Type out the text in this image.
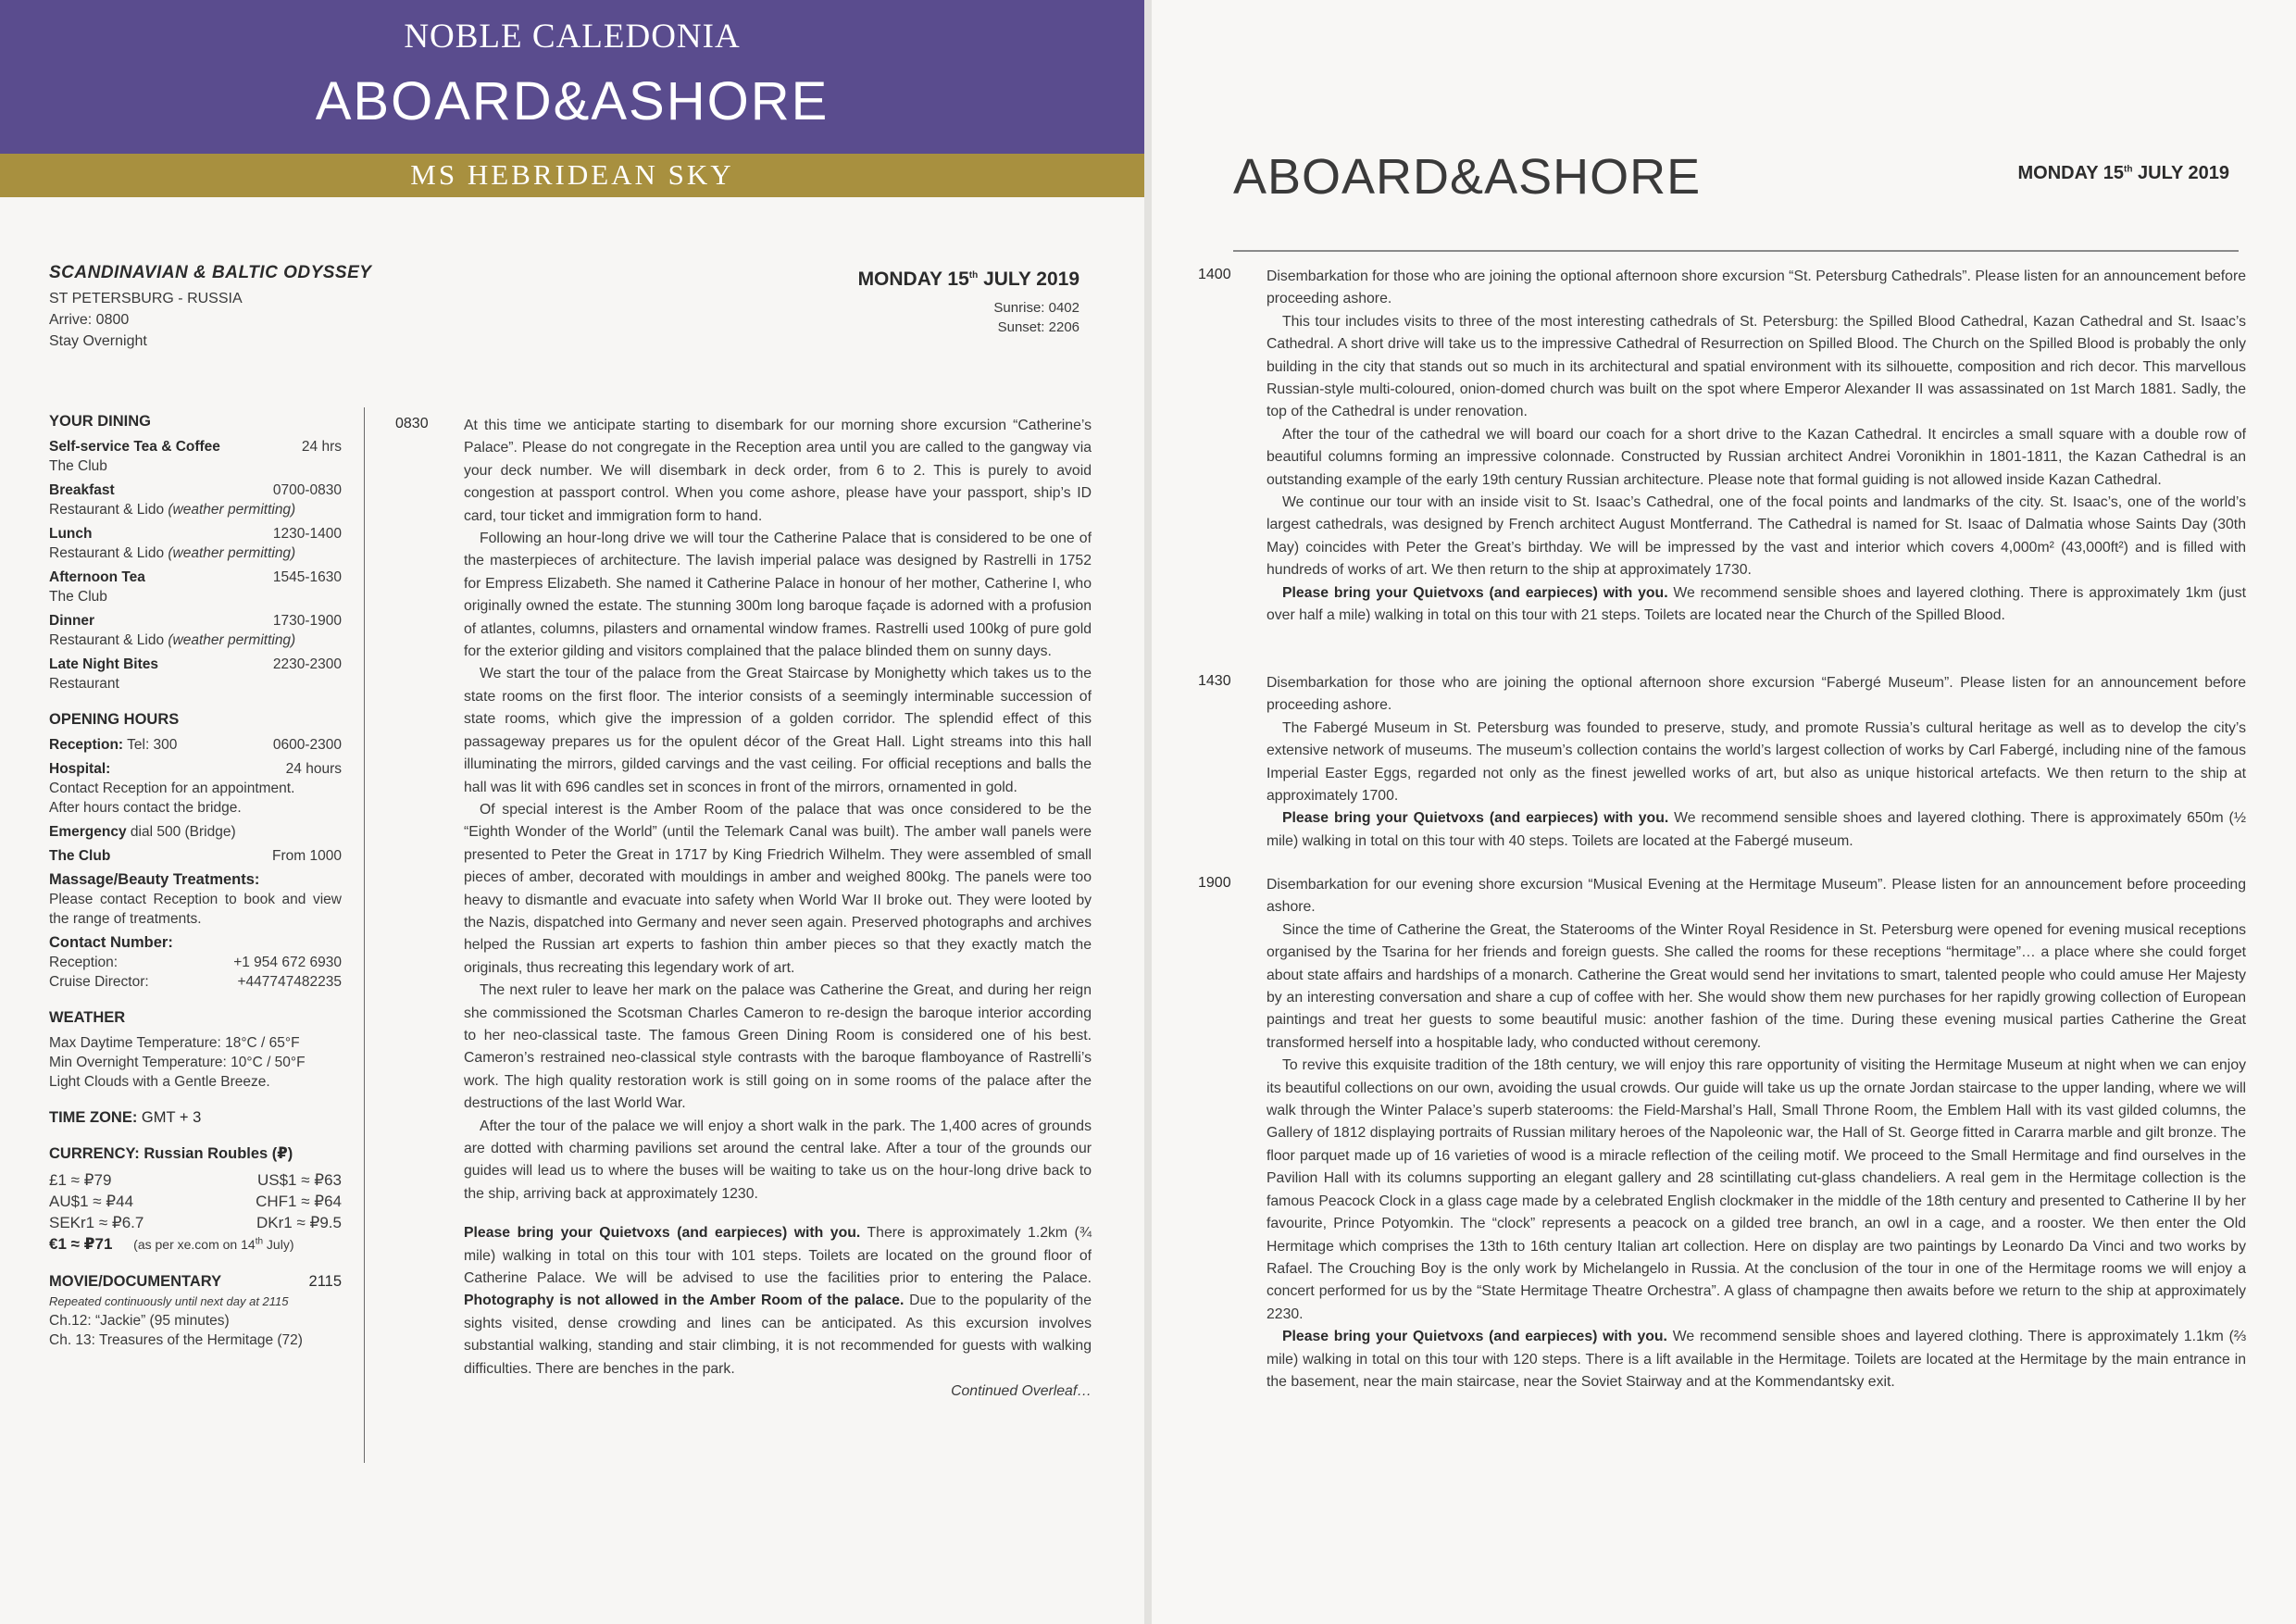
NOBLE CALEDONIA
ABOARD&ASHORE
MS HEBRIDEAN SKY
SCANDINAVIAN & BALTIC ODYSSEY
ST PETERSBURG - RUSSIA
Arrive: 0800
Stay Overnight
MONDAY 15th JULY 2019
Sunrise: 0402
Sunset: 2206
YOUR DINING
Self-service Tea & Coffee	24 hrs
The Club
Breakfast	0700-0830
Restaurant & Lido (weather permitting)
Lunch	1230-1400
Restaurant & Lido (weather permitting)
Afternoon Tea	1545-1630
The Club
Dinner	1730-1900
Restaurant & Lido (weather permitting)
Late Night Bites	2230-2300
Restaurant
OPENING HOURS
Reception: Tel: 300	0600-2300
Hospital:	24 hours
Contact Reception for an appointment.
After hours contact the bridge.
Emergency dial 500 (Bridge)
The Club	From 1000
Massage/Beauty Treatments:
Please contact Reception to book and view the range of treatments.
Contact Number:
Reception:	+1 954 672 6930
Cruise Director:	+447747482235
WEATHER
Max Daytime Temperature: 18°C / 65°F
Min Overnight Temperature: 10°C / 50°F
Light Clouds with a Gentle Breeze.
TIME ZONE: GMT + 3
CURRENCY: Russian Roubles (₽)
£1 ≈ ₽79	US$1 ≈ ₽63
AU$1 ≈ ₽44	CHF1 ≈ ₽64
SEKr1 ≈ ₽6.7	DKr1 ≈ ₽9.5
€1 ≈ ₽71 (as per xe.com on 14th July)
MOVIE/DOCUMENTARY	2115
Repeated continuously until next day at 2115
Ch.12: “Jackie” (95 minutes)
Ch. 13: Treasures of the Hermitage (72)
0830 At this time we anticipate starting to disembark for our morning shore excursion “Catherine’s Palace”. Please do not congregate in the Reception area until you are called to the gangway via your deck number. We will disembark in deck order, from 6 to 2. This is purely to avoid congestion at passport control. When you come ashore, please have your passport, ship’s ID card, tour ticket and immigration form to hand.

Following an hour-long drive we will tour the Catherine Palace that is considered to be one of the masterpieces of architecture. The lavish imperial palace was designed by Rastrelli in 1752 for Empress Elizabeth. She named it Catherine Palace in honour of her mother, Catherine I, who originally owned the estate. The stunning 300m long baroque façade is adorned with a profusion of atlantes, columns, pilasters and ornamental window frames. Rastrelli used 100kg of pure gold for the exterior gilding and visitors complained that the palace blinded them on sunny days.

We start the tour of the palace from the Great Staircase by Monighetty which takes us to the state rooms on the first floor. The interior consists of a seemingly interminable succession of state rooms, which give the impression of a golden corridor. The splendid effect of this passageway prepares us for the opulent décor of the Great Hall. Light streams into this hall illuminating the mirrors, gilded carvings and the vast ceiling. For official receptions and balls the hall was lit with 696 candles set in sconces in front of the mirrors, ornamented in gold.

Of special interest is the Amber Room of the palace that was once considered to be the “Eighth Wonder of the World” (until the Telemark Canal was built). The amber wall panels were presented to Peter the Great in 1717 by King Friedrich Wilhelm. They were assembled of small pieces of amber, decorated with mouldings in amber and weighed 800kg. The panels were too heavy to dismantle and evacuate into safety when World War II broke out. They were looted by the Nazis, dispatched into Germany and never seen again. Preserved photographs and archives helped the Russian art experts to fashion thin amber pieces so that they exactly match the originals, thus recreating this legendary work of art.

The next ruler to leave her mark on the palace was Catherine the Great, and during her reign she commissioned the Scotsman Charles Cameron to re-design the baroque interior according to her neo-classical taste. The famous Green Dining Room is considered one of his best. Cameron’s restrained neo-classical style contrasts with the baroque flamboyance of Rastrelli’s work. The high quality restoration work is still going on in some rooms of the palace after the destructions of the last World War.

After the tour of the palace we will enjoy a short walk in the park. The 1,400 acres of grounds are dotted with charming pavilions set around the central lake. After a tour of the grounds our guides will lead us to where the buses will be waiting to take us on the hour-long drive back to the ship, arriving back at approximately 1230.

Please bring your Quietvoxs (and earpieces) with you. There is approximately 1.2km (¾ mile) walking in total on this tour with 101 steps. Toilets are located on the ground floor of Catherine Palace. We will be advised to use the facilities prior to entering the Palace. Photography is not allowed in the Amber Room of the palace. Due to the popularity of the sights visited, dense crowding and lines can be anticipated. As this excursion involves substantial walking, standing and stair climbing, it is not recommended for guests with walking difficulties. There are benches in the park.

Continued Overleaf…
ABOARD&ASHORE	MONDAY 15th JULY 2019
1400 Disembarkation for those who are joining the optional afternoon shore excursion “St. Petersburg Cathedrals”. Please listen for an announcement before proceeding ashore.

This tour includes visits to three of the most interesting cathedrals of St. Petersburg: the Spilled Blood Cathedral, Kazan Cathedral and St. Isaac’s Cathedral. A short drive will take us to the impressive Cathedral of Resurrection on Spilled Blood. The Church on the Spilled Blood is probably the only building in the city that stands out so much in its architectural and spatial environment with its silhouette, composition and rich decor. This marvellous Russian-style multi-coloured, onion-domed church was built on the spot where Emperor Alexander II was assassinated on 1st March 1881. Sadly, the top of the Cathedral is under renovation.

After the tour of the cathedral we will board our coach for a short drive to the Kazan Cathedral. It encircles a small square with a double row of beautiful columns forming an impressive colonnade. Constructed by Russian architect Andrei Voronikhin in 1801-1811, the Kazan Cathedral is an outstanding example of the early 19th century Russian architecture. Please note that formal guiding is not allowed inside Kazan Cathedral.

We continue our tour with an inside visit to St. Isaac’s Cathedral, one of the focal points and landmarks of the city. St. Isaac’s, one of the world’s largest cathedrals, was designed by French architect August Montferrand. The Cathedral is named for St. Isaac of Dalmatia whose Saints Day (30th May) coincides with Peter the Great’s birthday. We will be impressed by the vast and interior which covers 4,000m² (43,000ft²) and is filled with hundreds of works of art. We then return to the ship at approximately 1730.

Please bring your Quietvoxs (and earpieces) with you. We recommend sensible shoes and layered clothing. There is approximately 1km (just over half a mile) walking in total on this tour with 21 steps. Toilets are located near the Church of the Spilled Blood.

1430 Disembarkation for those who are joining the optional afternoon shore excursion “Fabergé Museum”. Please listen for an announcement before proceeding ashore.

The Fabergé Museum in St. Petersburg was founded to preserve, study, and promote Russia’s cultural heritage as well as to develop the city’s extensive network of museums. The museum’s collection contains the world’s largest collection of works by Carl Fabergé, including nine of the famous Imperial Easter Eggs, regarded not only as the finest jewelled works of art, but also as unique historical artefacts. We then return to the ship at approximately 1700.

Please bring your Quietvoxs (and earpieces) with you. We recommend sensible shoes and layered clothing. There is approximately 650m (½ mile) walking in total on this tour with 40 steps. Toilets are located at the Fabergé museum.

1900 Disembarkation for our evening shore excursion “Musical Evening at the Hermitage Museum”. Please listen for an announcement before proceeding ashore.

Since the time of Catherine the Great, the Staterooms of the Winter Royal Residence in St. Petersburg were opened for evening musical receptions organised by the Tsarina for her friends and foreign guests. She called the rooms for these receptions “hermitage”… a place where she could forget about state affairs and hardships of a monarch. Catherine the Great would send her invitations to smart, talented people who could amuse Her Majesty by an interesting conversation and share a cup of coffee with her. She would show them new purchases for her rapidly growing collection of European paintings and treat her guests to some beautiful music: another fashion of the time. During these evening musical parties Catherine the Great transformed herself into a hospitable lady, who conducted without ceremony.

To revive this exquisite tradition of the 18th century, we will enjoy this rare opportunity of visiting the Hermitage Museum at night when we can enjoy its beautiful collections on our own, avoiding the usual crowds. Our guide will take us up the ornate Jordan staircase to the upper landing, where we will walk through the Winter Palace’s superb staterooms: the Field-Marshal’s Hall, Small Throne Room, the Emblem Hall with its vast gilded columns, the Gallery of 1812 displaying portraits of Russian military heroes of the Napoleonic war, the Hall of St. George fitted in Cararra marble and gilt bronze. The floor parquet made up of 16 varieties of wood is a miracle reflection of the ceiling motif. We proceed to the Small Hermitage and find ourselves in the Pavilion Hall with its columns supporting an elegant gallery and 28 scintillating cut-glass chandeliers. A real gem in the Hermitage collection is the famous Peacock Clock in a glass cage made by a celebrated English clockmaker in the middle of the 18th century and presented to Catherine II by her favourite, Prince Potyomkin. The “clock” represents a peacock on a gilded tree branch, an owl in a cage, and a rooster. We then enter the Old Hermitage which comprises the 13th to 16th century Italian art collection. Here on display are two paintings by Leonardo Da Vinci and two works by Rafael. The Crouching Boy is the only work by Michelangelo in Russia. At the conclusion of the tour in one of the Hermitage rooms we will enjoy a concert performed for us by the “State Hermitage Theatre Orchestra”. A glass of champagne then awaits before we return to the ship at approximately 2230.

Please bring your Quietvoxs (and earpieces) with you. We recommend sensible shoes and layered clothing. There is approximately 1.1km (⅔ mile) walking in total on this tour with 120 steps. There is a lift available in the Hermitage. Toilets are located at the Hermitage by the main entrance in the basement, near the main staircase, near the Soviet Stairway and at the Kommendantsky exit.
